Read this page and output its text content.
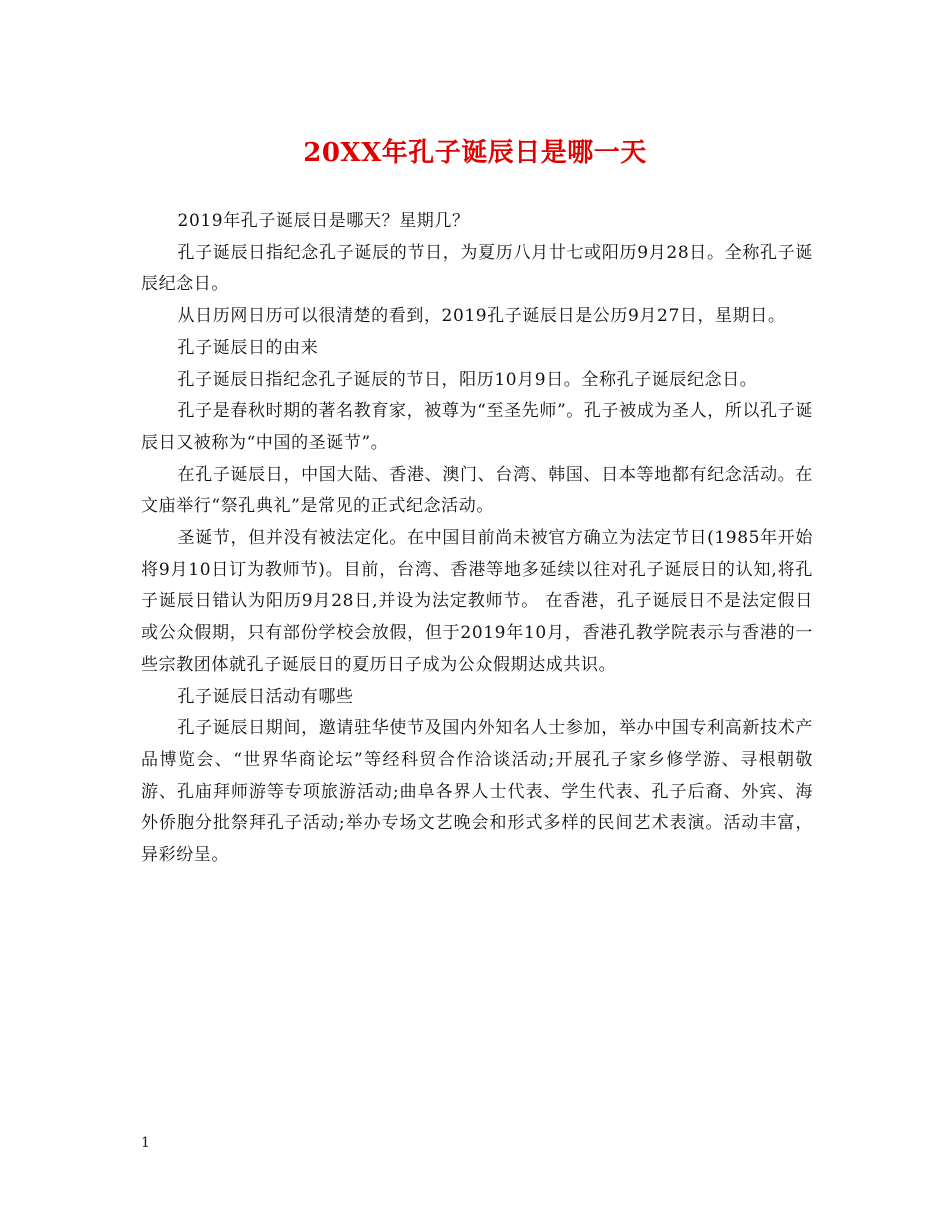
20XX年孔子诞辰日是哪一天

2019年孔子诞辰日是哪天？星期几？

孔子诞辰日指纪念孔子诞辰的节日，为夏历八月廿七或阳历9月28日。全称孔子诞辰纪念日。

从日历网日历可以很清楚的看到，2019孔子诞辰日是公历9月27日，星期日。

孔子诞辰日的由来

孔子诞辰日指纪念孔子诞辰的节日，阳历10月9日。全称孔子诞辰纪念日。

孔子是春秋时期的著名教育家，被尊为“至圣先师”。孔子被成为圣人，所以孔子诞辰日又被称为“中国的圣诞节”。

在孔子诞辰日，中国大陆、香港、澳门、台湾、韩国、日本等地都有纪念活动。在文庙举行“祭孔典礼”是常见的正式纪念活动。

圣诞节，但并没有被法定化。在中国目前尚未被官方确立为法定节日(1985年开始将9月10日订为教师节)。目前，台湾、香港等地多延续以往对孔子诞辰日的认知,将孔子诞辰日错认为阳历9月28日,并设为法定教师节。 在香港，孔子诞辰日不是法定假日或公众假期，只有部份学校会放假，但于2019年10月，香港孔教学院表示与香港的一些宗教团体就孔子诞辰日的夏历日子成为公众假期达成共识。

孔子诞辰日活动有哪些

孔子诞辰日期间，邀请驻华使节及国内外知名人士参加，举办中国专利高新技术产品博览会、“世界华商论坛”等经科贸合作洽谈活动;开展孔子家乡修学游、寻根朝敬游、孔庙拜师游等专项旅游活动;曲阜各界人士代表、学生代表、孔子后裔、外宾、海外侨胞分批祭拜孔子活动;举办专场文艺晚会和形式多样的民间艺术表演。活动丰富，异彩纷呈。

1
